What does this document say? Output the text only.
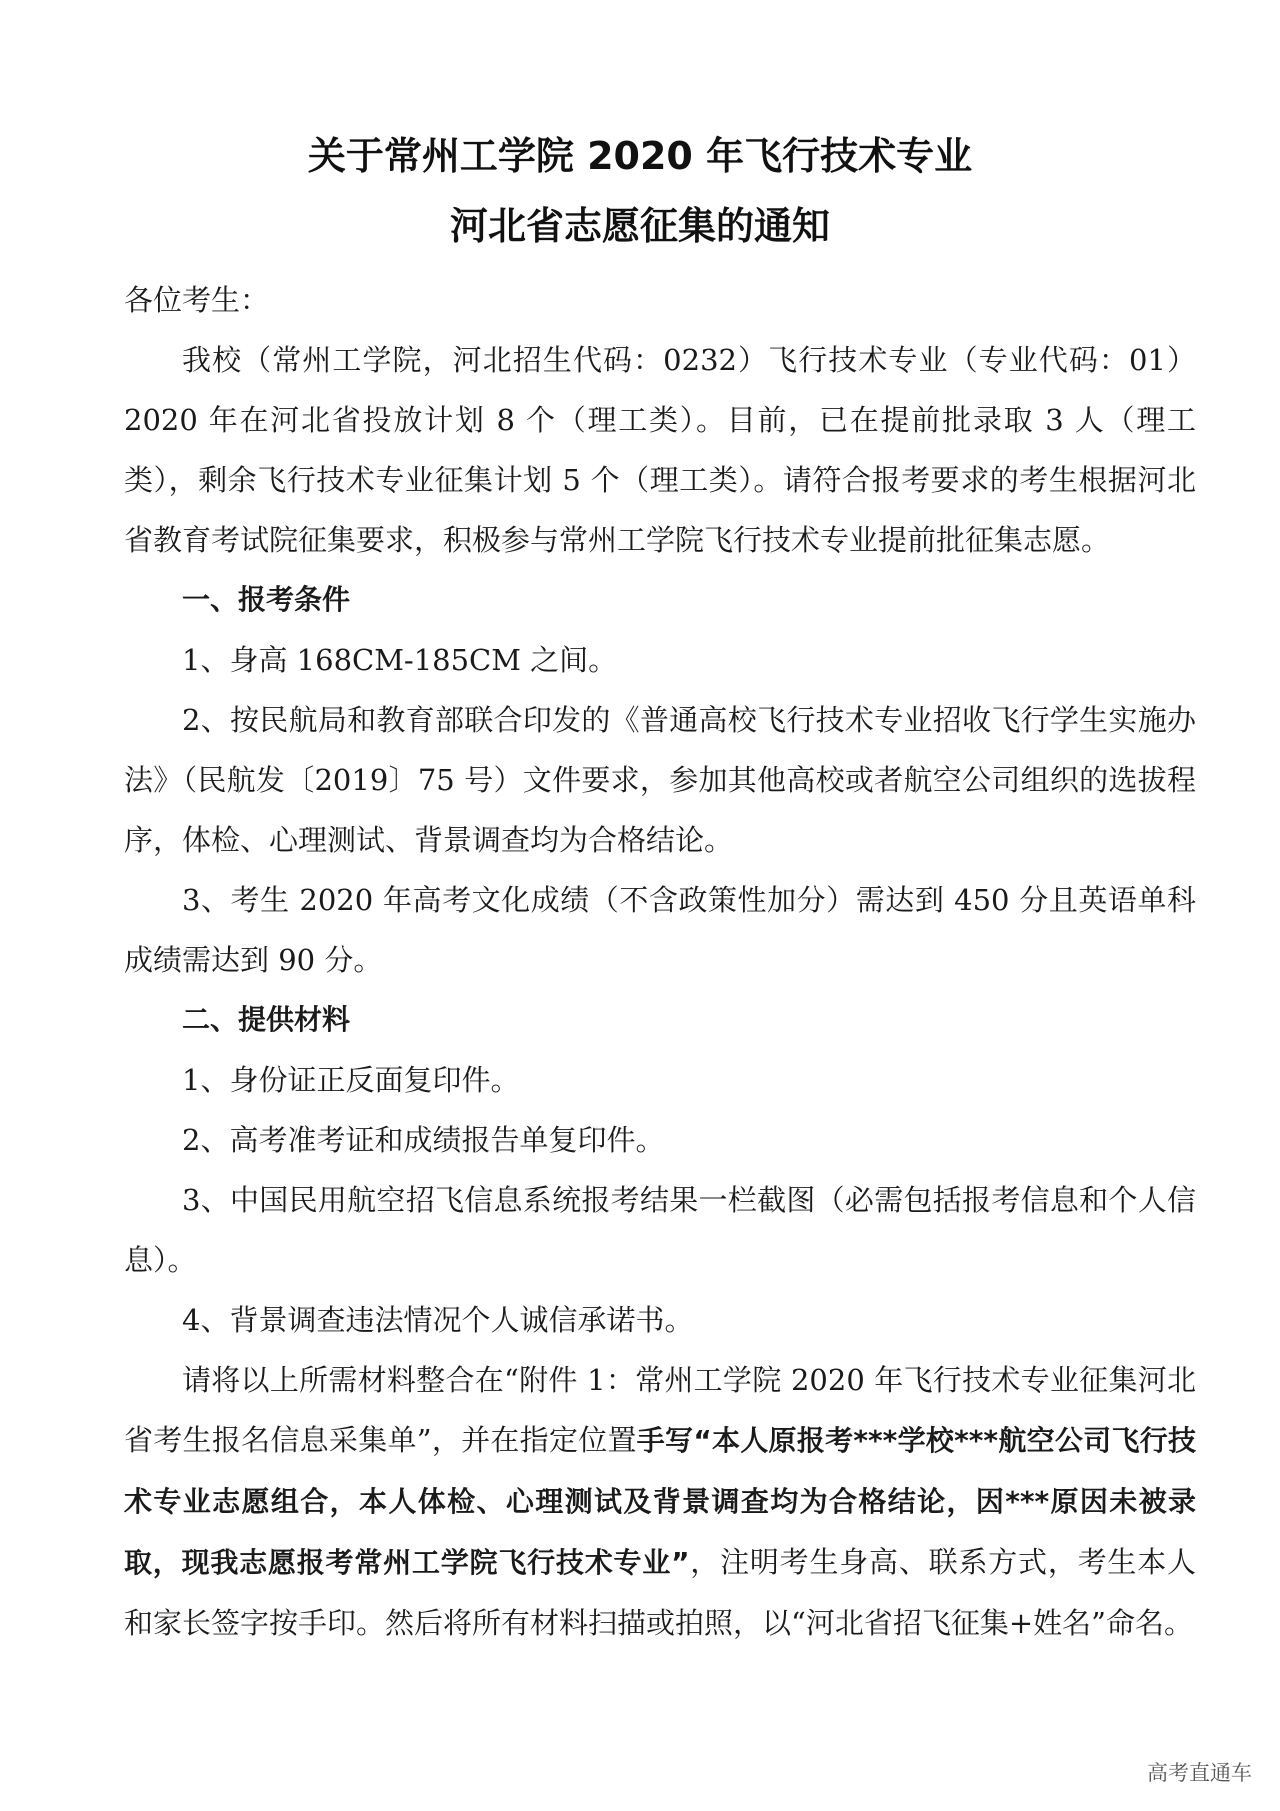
关于常州工学院 2020 年飞行技术专业
河北省志愿征集的通知

各位考生：

我校（常州工学院，河北招生代码：0232）飞行技术专业（专业代码：01）2020 年在河北省投放计划 8 个（理工类）。目前，已在提前批录取 3 人（理工类），剩余飞行技术专业征集计划 5 个（理工类）。请符合报考要求的考生根据河北省教育考试院征集要求，积极参与常州工学院飞行技术专业提前批征集志愿。

一、报考条件

1、身高 168CM-185CM 之间。

2、按民航局和教育部联合印发的《普通高校飞行技术专业招收飞行学生实施办法》（民航发〔2019〕75 号）文件要求，参加其他高校或者航空公司组织的选拔程序，体检、心理测试、背景调查均为合格结论。

3、考生 2020 年高考文化成绩（不含政策性加分）需达到 450 分且英语单科成绩需达到 90 分。

二、提供材料

1、身份证正反面复印件。

2、高考准考证和成绩报告单复印件。

3、中国民用航空招飞信息系统报考结果一栏截图（必需包括报考信息和个人信息）。

4、背景调查违法情况个人诚信承诺书。

请将以上所需材料整合在“附件 1：常州工学院 2020 年飞行技术专业征集河北省考生报名信息采集单”，并在指定位置手写“本人原报考***学校***航空公司飞行技术专业志愿组合，本人体检、心理测试及背景调查均为合格结论，因***原因未被录取，现我志愿报考常州工学院飞行技术专业”，注明考生身高、联系方式，考生本人和家长签字按手印。然后将所有材料扫描或拍照，以“河北省招飞征集+姓名”命名。

高考直通车
